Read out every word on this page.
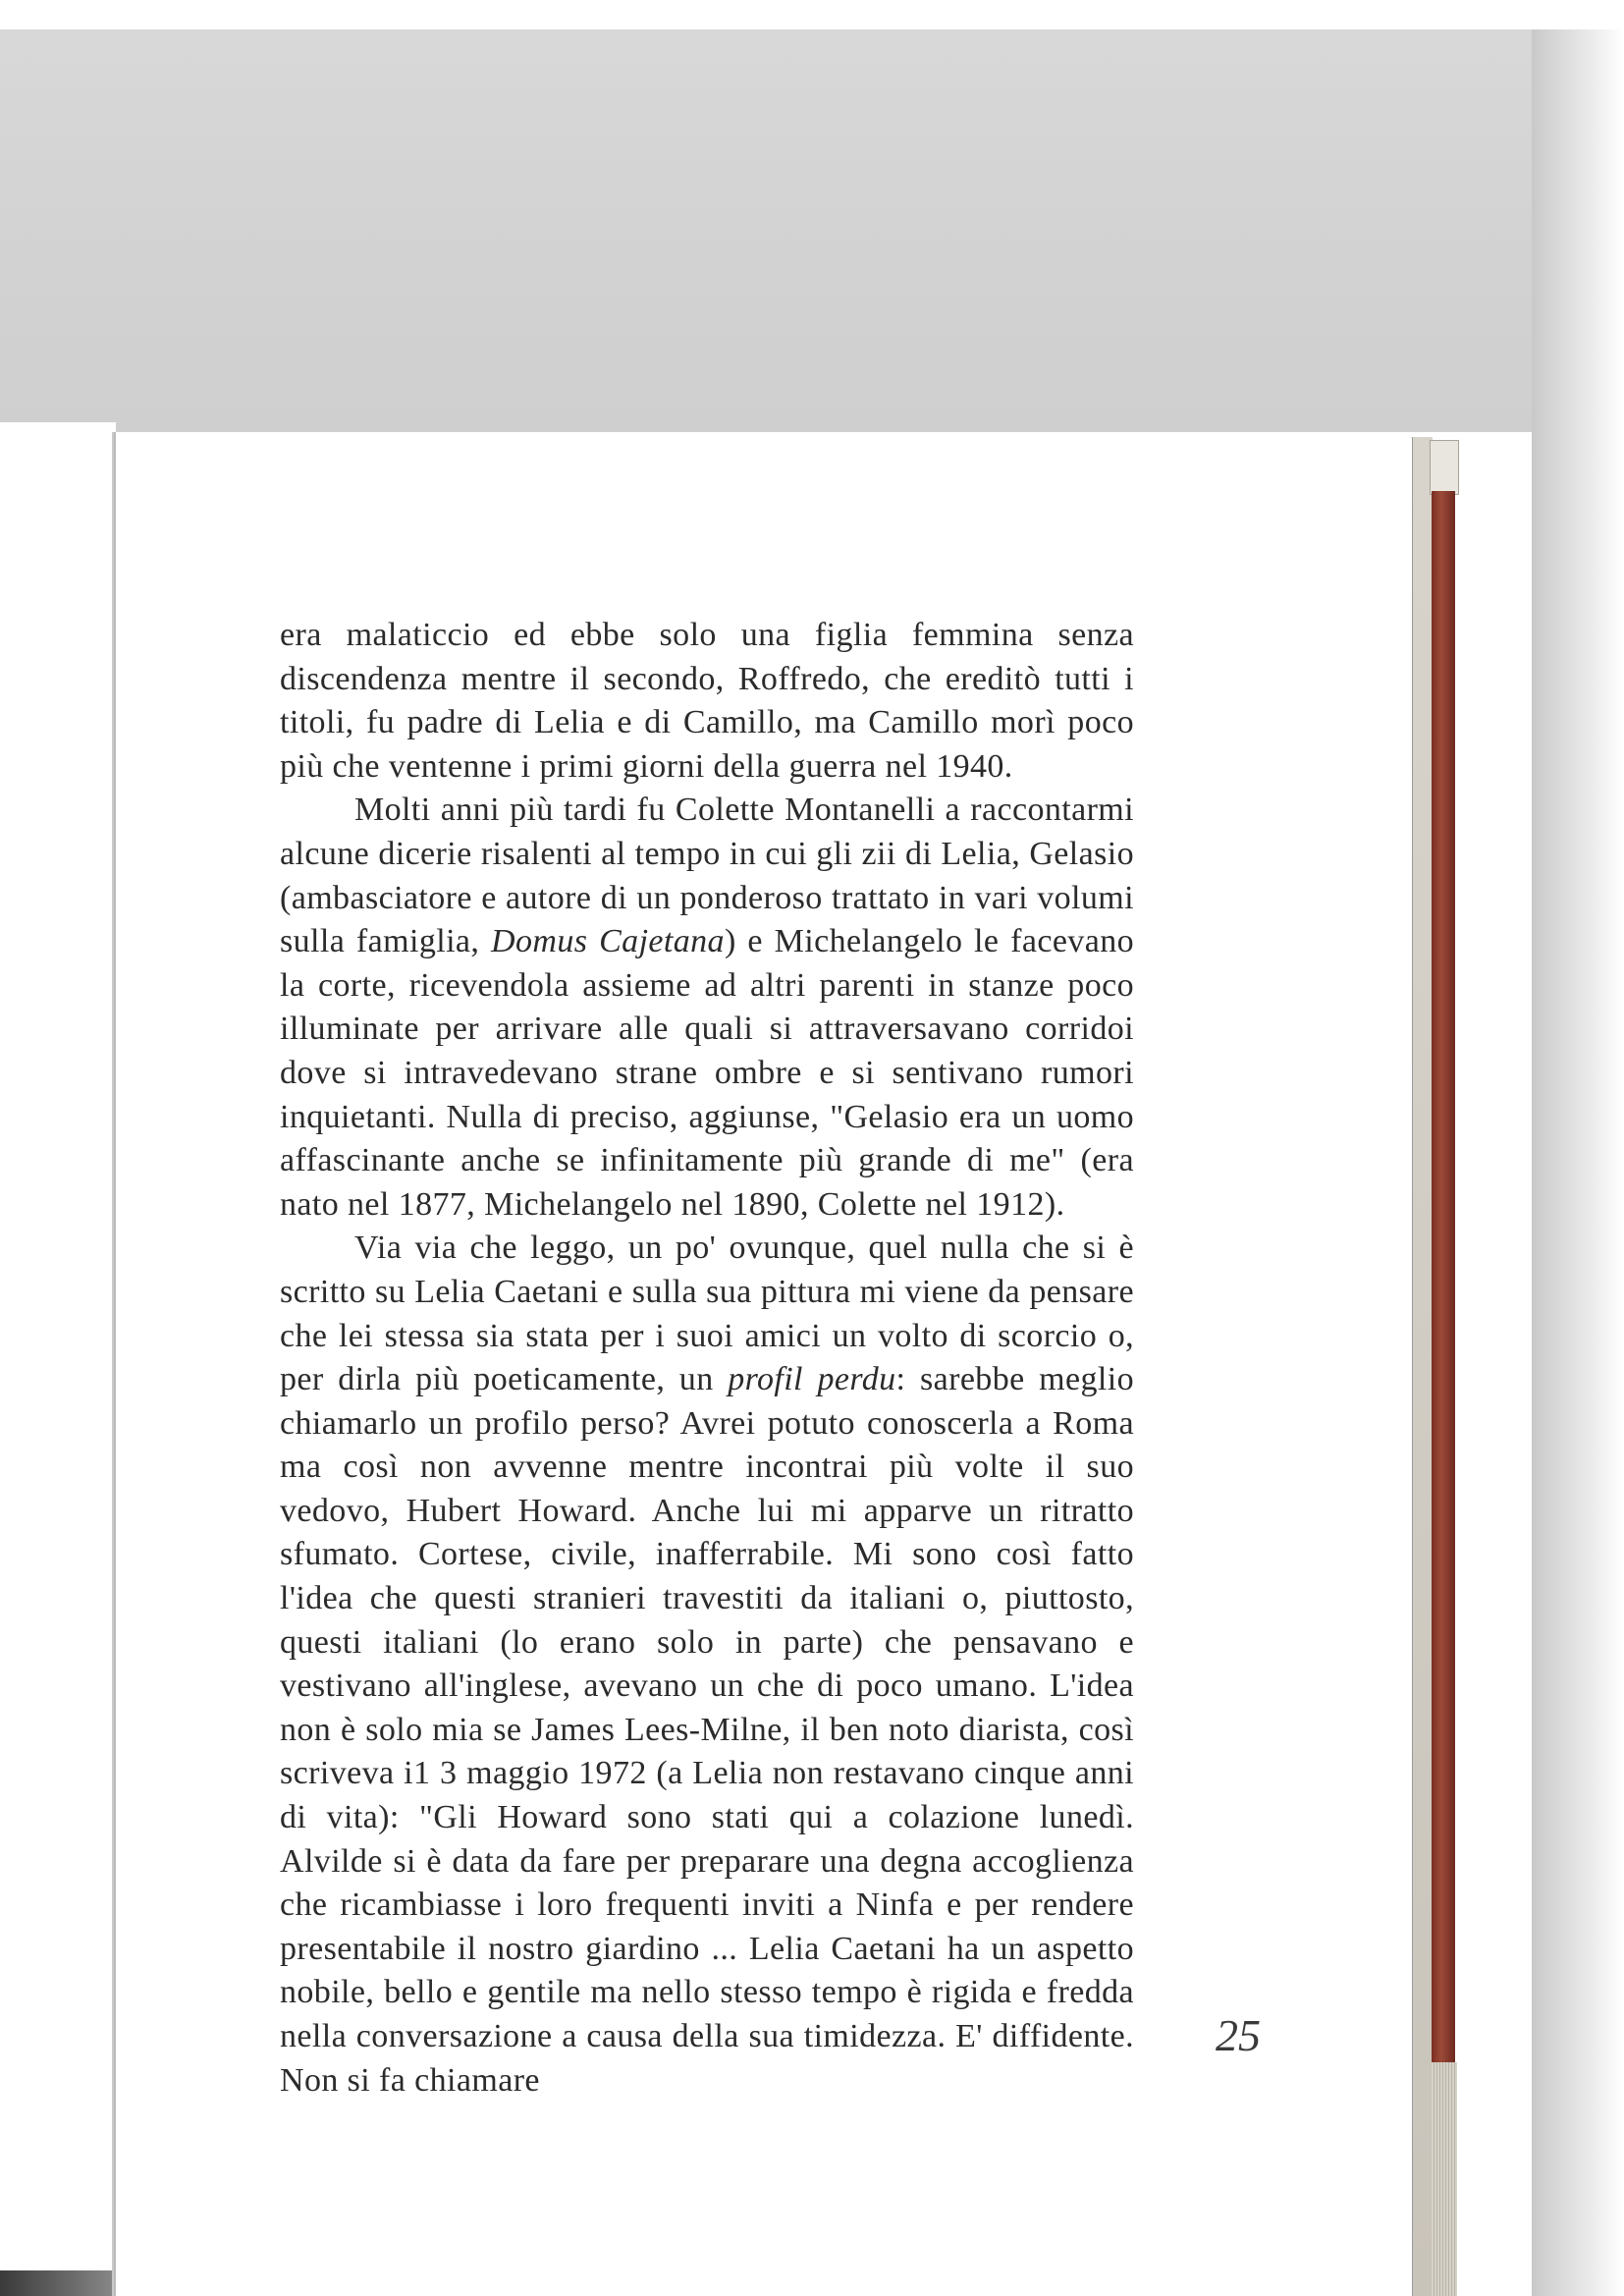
era malaticcio ed ebbe solo una figlia femmina senza discendenza mentre il secondo, Roffredo, che ereditò tutti i titoli, fu padre di Lelia e di Camillo, ma Camillo morì poco più che ventenne i primi giorni della guerra nel 1940.

Molti anni più tardi fu Colette Montanelli a raccontarmi alcune dicerie risalenti al tempo in cui gli zii di Lelia, Gelasio (ambasciatore e autore di un ponderoso trattato in vari volumi sulla famiglia, Domus Cajetana) e Michelangelo le facevano la corte, ricevendola assieme ad altri parenti in stanze poco illuminate per arrivare alle quali si attraversavano corridoi dove si intravedevano strane ombre e si sentivano rumori inquietanti. Nulla di preciso, aggiunse, "Gelasio era un uomo affascinante anche se infinitamente più grande di me" (era nato nel 1877, Michelangelo nel 1890, Colette nel 1912).

Via via che leggo, un po' ovunque, quel nulla che si è scritto su Lelia Caetani e sulla sua pittura mi viene da pensare che lei stessa sia stata per i suoi amici un volto di scorcio o, per dirla più poeticamente, un profil perdu: sarebbe meglio chiamarlo un profilo perso? Avrei potuto conoscerla a Roma ma così non avvenne mentre incontrai più volte il suo vedovo, Hubert Howard. Anche lui mi apparve un ritratto sfumato. Cortese, civile, inafferrabile. Mi sono così fatto l'idea che questi stranieri travestiti da italiani o, piuttosto, questi italiani (lo erano solo in parte) che pensavano e vestivano all'inglese, avevano un che di poco umano. L'idea non è solo mia se James Lees-Milne, il ben noto diarista, così scriveva i1 3 maggio 1972 (a Lelia non restavano cinque anni di vita): "Gli Howard sono stati qui a colazione lunedì. Alvilde si è data da fare per preparare una degna accoglienza che ricambiasse i loro frequenti inviti a Ninfa e per rendere presentabile il nostro giardino ... Lelia Caetani ha un aspetto nobile, bello e gentile ma nello stesso tempo è rigida e fredda nella conversazione a causa della sua timidezza. E' diffidente. Non si fa chiamare

25
